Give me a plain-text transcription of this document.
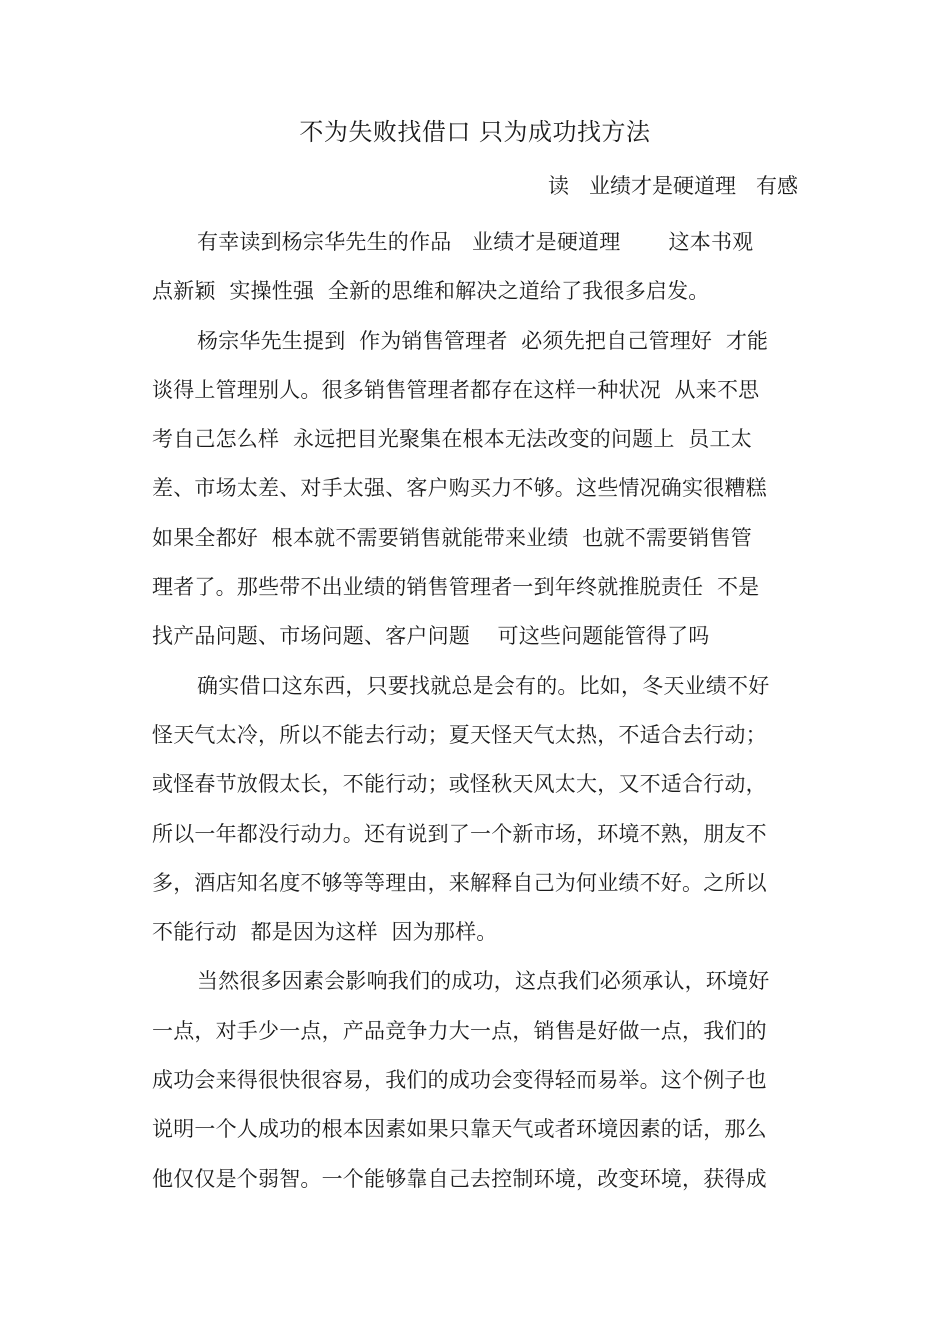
不为失败找借口 只为成功找方法

读   业绩才是硬道理   有感

有幸读到杨宗华先生的作品   业绩才是硬道理       这本书观
点新颖  实操性强  全新的思维和解决之道给了我很多启发。
杨宗华先生提到  作为销售管理者  必须先把自己管理好  才能
谈得上管理别人。很多销售管理者都存在这样一种状况  从来不思
考自己怎么样  永远把目光聚集在根本无法改变的问题上  员工太
差、市场太差、对手太强、客户购买力不够。这些情况确实很糟糕
如果全都好  根本就不需要销售就能带来业绩  也就不需要销售管
理者了。那些带不出业绩的销售管理者一到年终就推脱责任  不是
找产品问题、市场问题、客户问题    可这些问题能管得了吗
确实借口这东西，只要找就总是会有的。比如，冬天业绩不好
怪天气太冷，所以不能去行动；夏天怪天气太热，不适合去行动；
或怪春节放假太长，不能行动；或怪秋天风太大，又不适合行动，
所以一年都没行动力。还有说到了一个新市场，环境不熟，朋友不
多，酒店知名度不够等等理由，来解释自己为何业绩不好。之所以
不能行动  都是因为这样  因为那样。
当然很多因素会影响我们的成功，这点我们必须承认，环境好
一点，对手少一点，产品竞争力大一点，销售是好做一点，我们的
成功会来得很快很容易，我们的成功会变得轻而易举。这个例子也
说明一个人成功的根本因素如果只靠天气或者环境因素的话，那么
他仅仅是个弱智。一个能够靠自己去控制环境，改变环境，获得成
